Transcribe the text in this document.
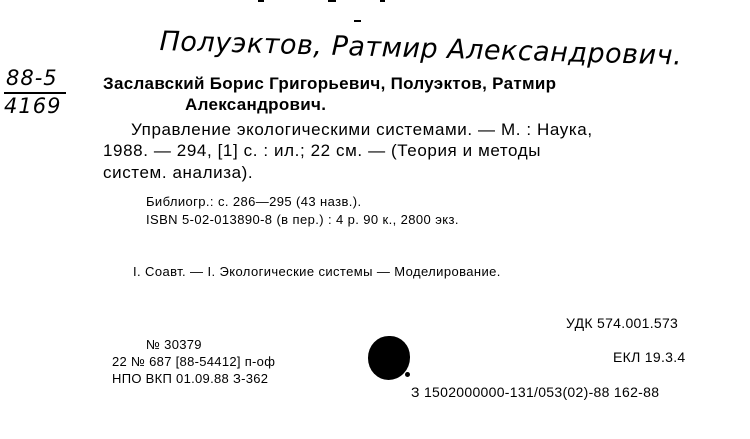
Полуэктов, Ратмир Александрович.
88-5
4169
Заславский Борис Григорьевич, Полуэктов, Ратмир
Александрович.
Управление экологическими системами. — М. : Наука,
1988. — 294, [1] с. : ил.; 22 см. — (Теория и методы
систем. анализа).
Библиогр.: с. 286—295 (43 назв.).
ISBN 5-02-013890-8 (в пер.) : 4 р. 90 к., 2800 экз.
I. Соавт. — I. Экологические системы — Моделирование.
УДК 574.001.573
№ 30379
22 № 687 [88-54412] п-оф
НПО ВКП 01.09.88 З-362
ЕКЛ 19.3.4
З 1502000000-131/053(02)-88 162-88
